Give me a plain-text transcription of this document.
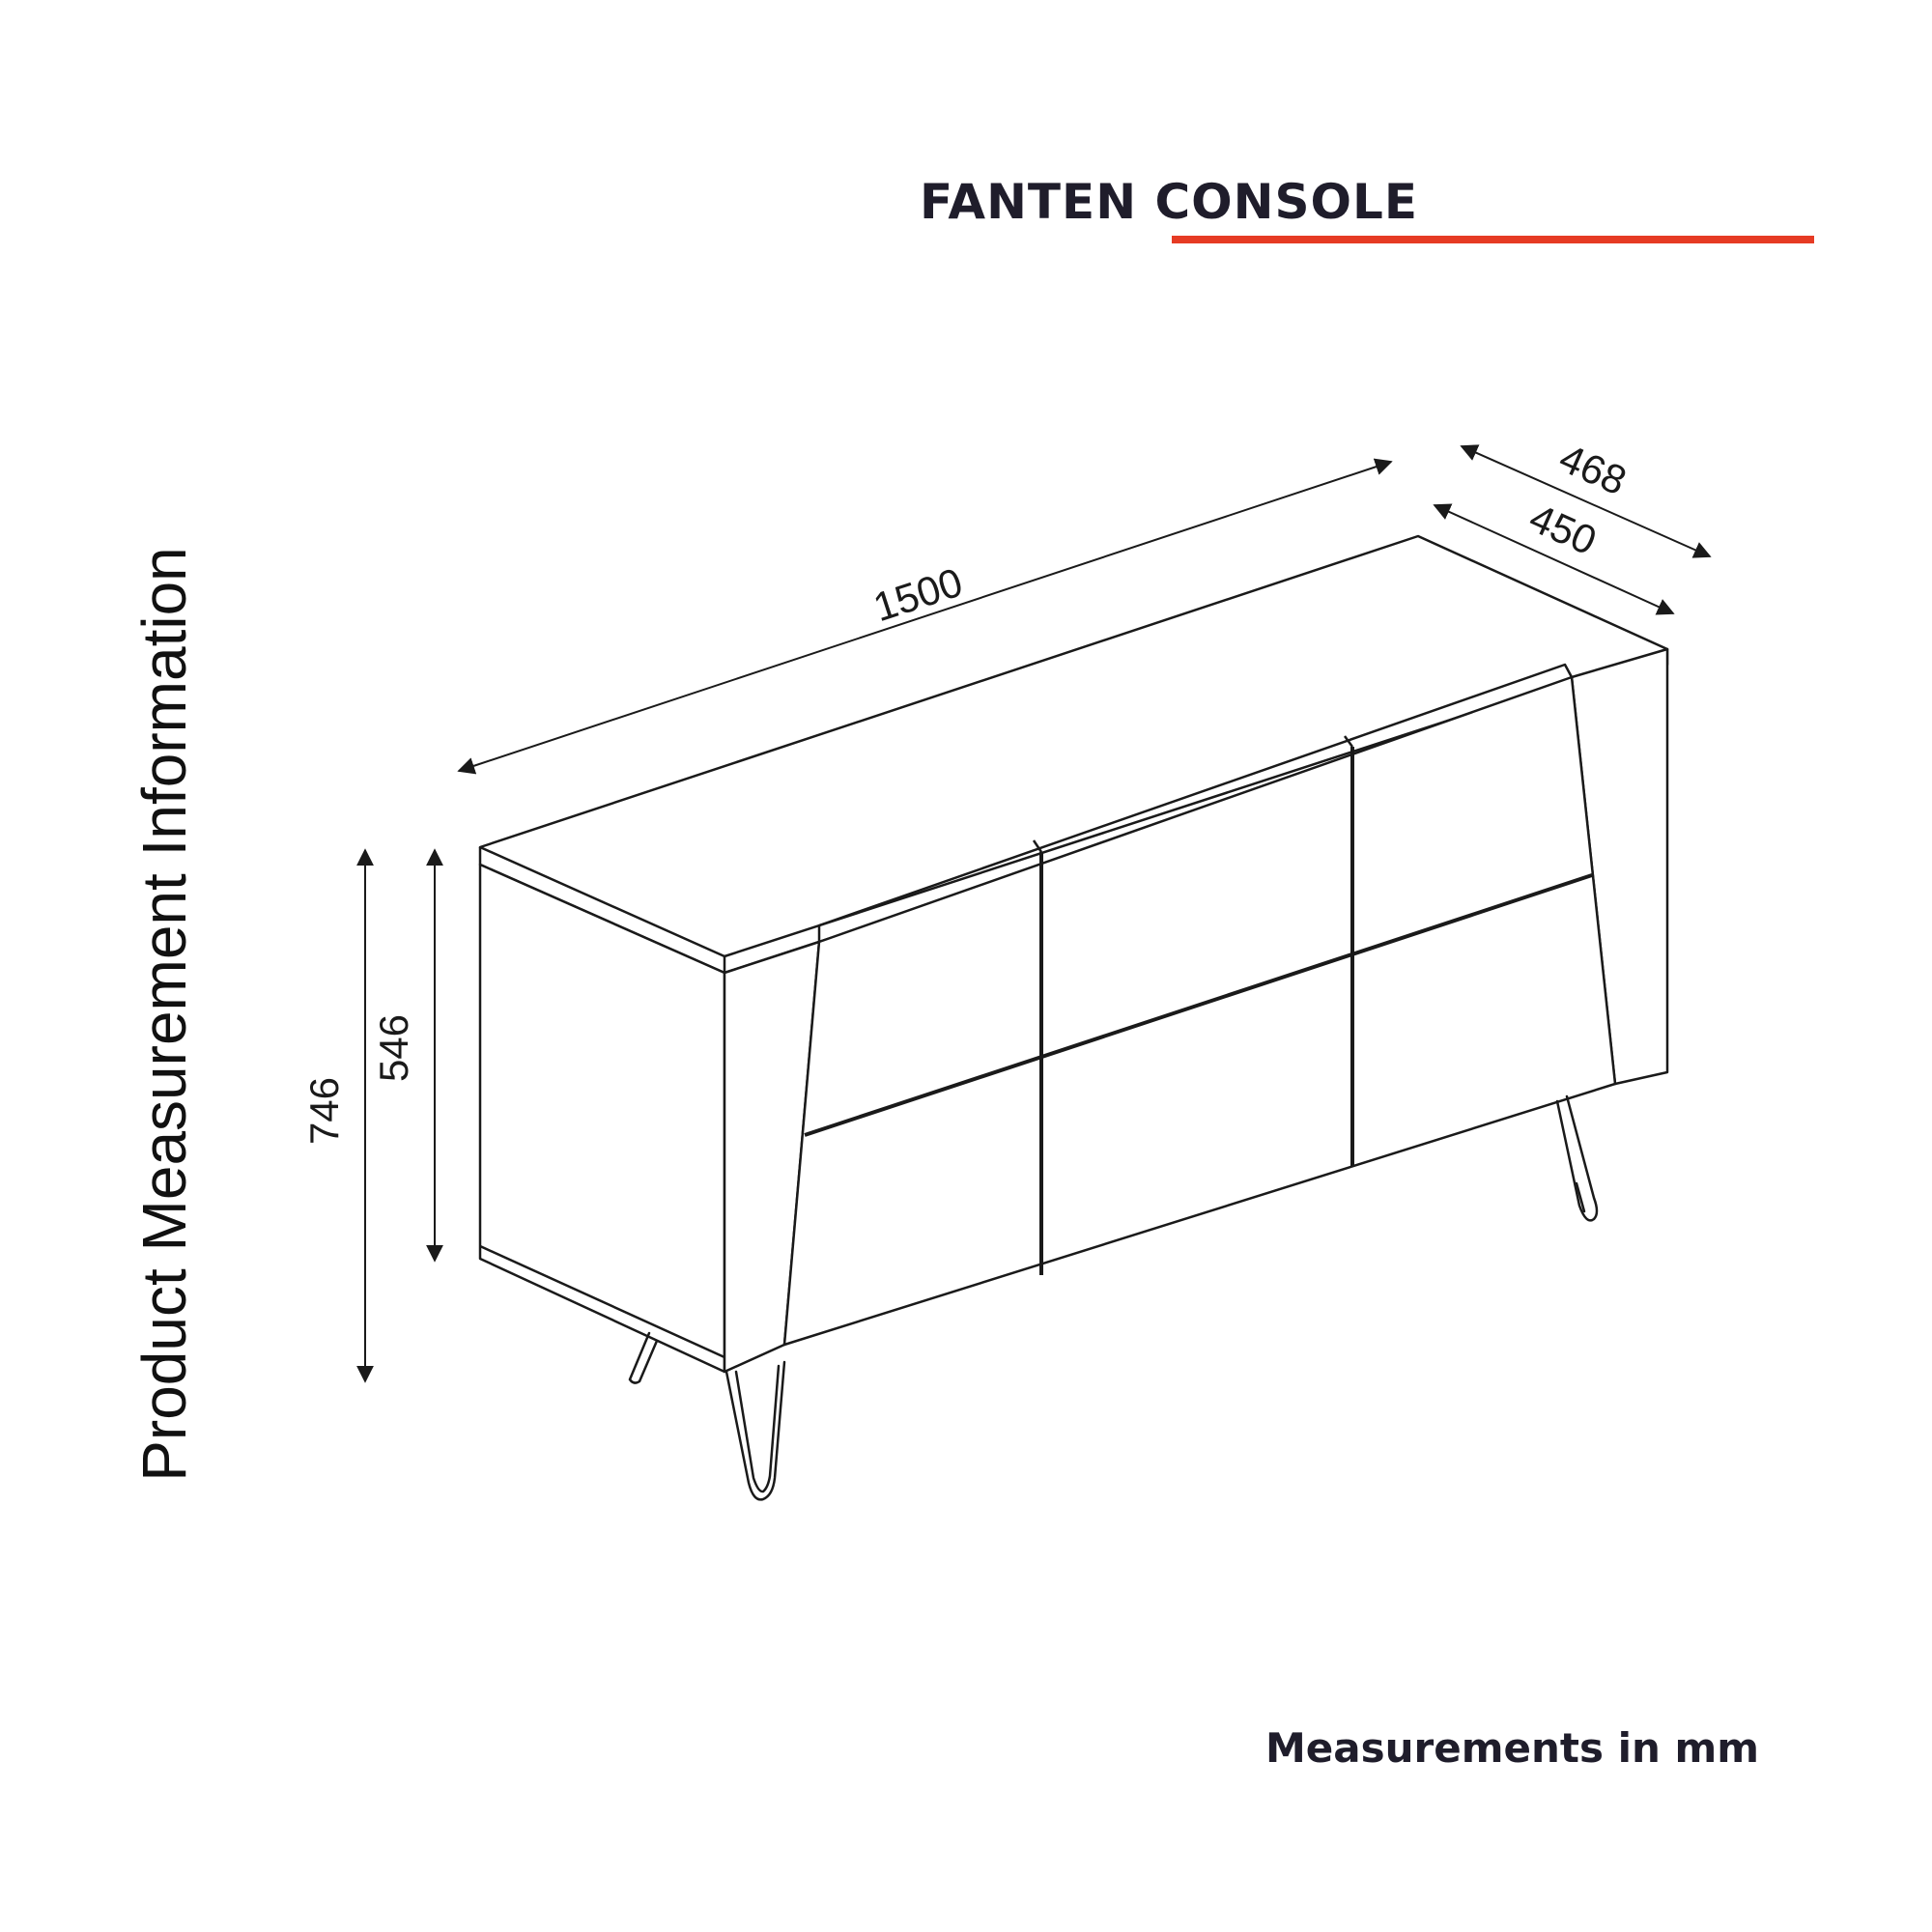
FANTEN CONSOLE
Product Measurement Information	1500
468
450
746
546
Measurements in mm
